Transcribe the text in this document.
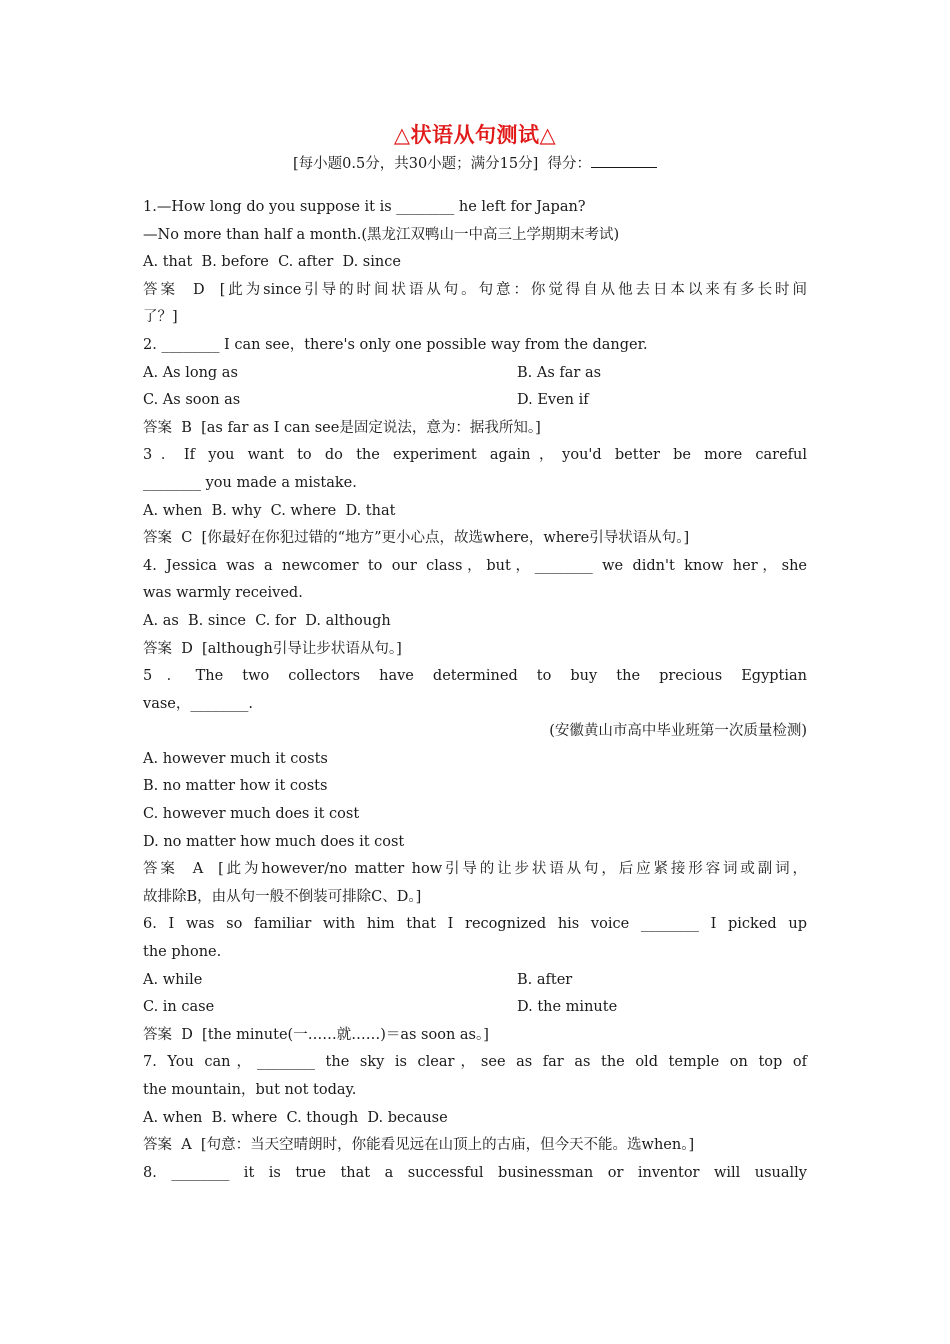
△状语从句测试△

[每小题0.5分，共30小题；满分15分]  得分：

1.—How long do you suppose it is ________ he left for Japan?

—No more than half a month.(黑龙江双鸭山一中高三上学期期末考试)

A. that  B. before  C. after  D. since

答案  D  [此为since引导的时间状语从句。句意：你觉得自从他去日本以来有多长时间

了？]

2. ________ I can see，there's only one possible way from the danger.

A. As long as	B. As far as
C. As soon as	D. Even if

答案  B  [as far as I can see是固定说法，意为：据我所知。]

3．If you want to do the experiment again，you'd better be more careful

________ you made a mistake.

A. when  B. why  C. where  D. that

答案  C  [你最好在你犯过错的“地方”更小心点，故选where，where引导状语从句。]

4. Jessica was a newcomer to our class，but，________ we didn't know her，she

was warmly received.

A. as  B. since  C. for  D. although

答案  D  [although引导让步状语从句。]

5．The two collectors have determined to buy the precious Egyptian

vase，________.

(安徽黄山市高中毕业班第一次质量检测)

A. however much it costs

B. no matter how it costs

C. however much does it cost

D. no matter how much does it cost

答案  A  [此为however/no matter how引导的让步状语从句，后应紧接形容词或副词，

故排除B，由从句一般不倒装可排除C、D。]

6. I was so familiar with him that I recognized his voice ________ I picked up

the phone.

A. while	B. after
C. in case	D. the minute

答案  D  [the minute(一……就……)＝as soon as。]

7. You can，________ the sky is clear，see as far as the old temple on top of

the mountain，but not today.

A. when  B. where  C. though  D. because

答案  A  [句意：当天空晴朗时，你能看见远在山顶上的古庙，但今天不能。选when。]

8. ________ it is true that a successful businessman or inventor will usually
